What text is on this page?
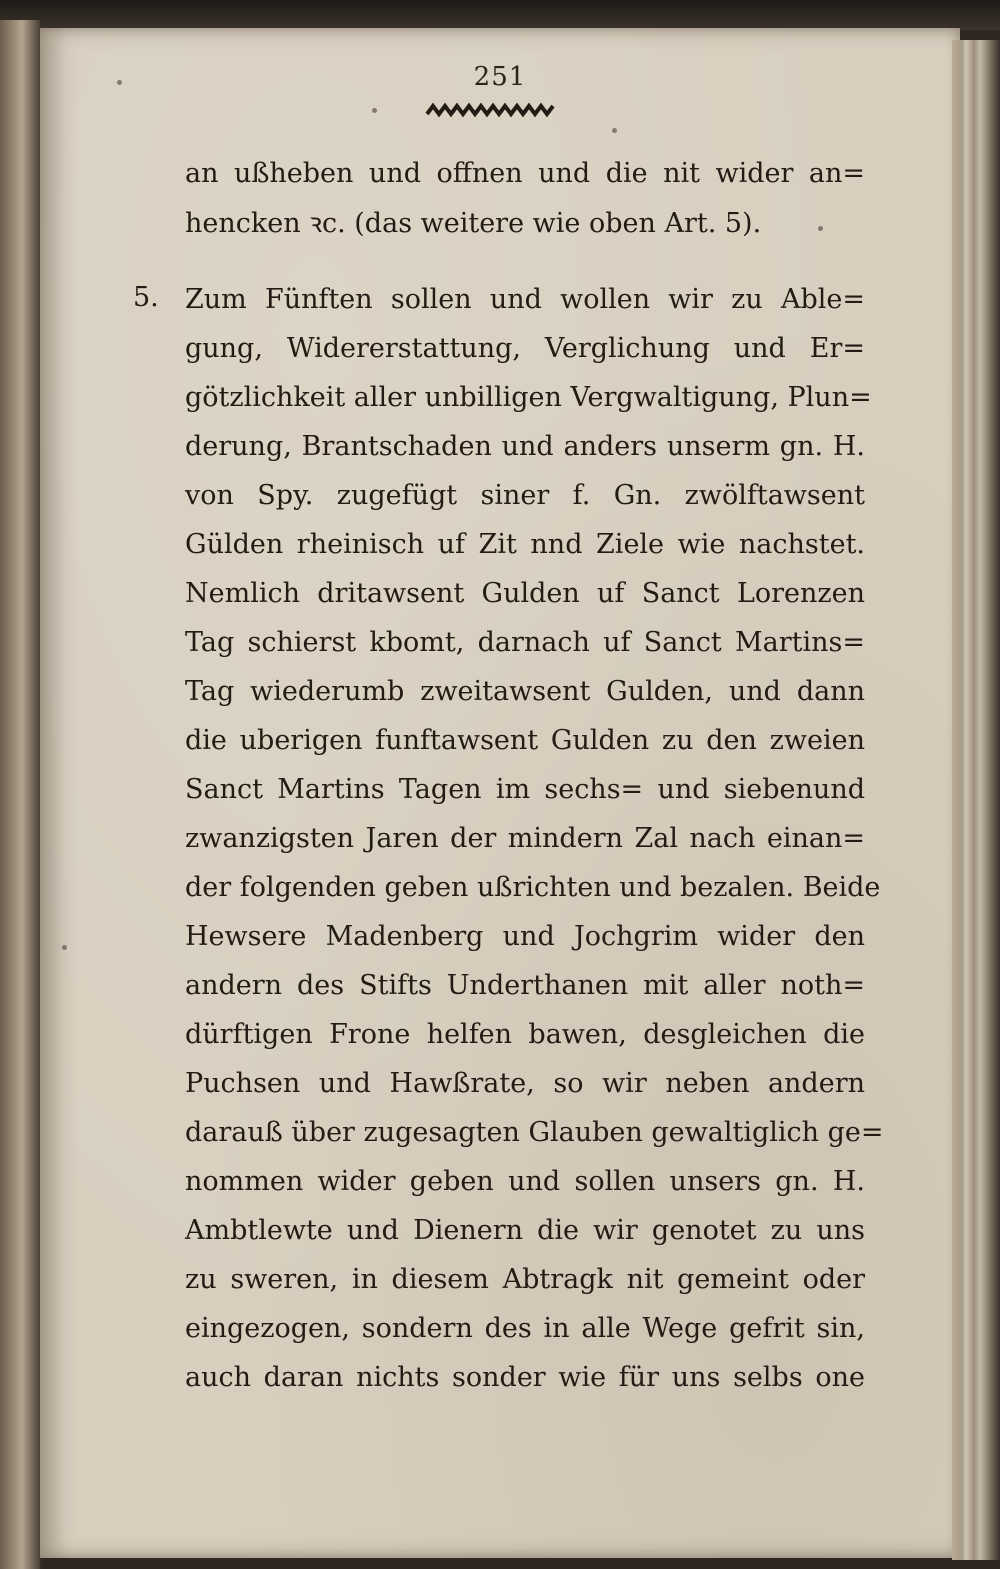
251
5.
an ußheben und offnen und die nit wider an=
hencken ꝛc. (das weitere wie oben Art. 5).
Zum Fünften sollen und wollen wir zu Able=
gung, Widererstattung, Verglichung und Er=
götzlichkeit aller unbilligen Vergwaltigung, Plun=
derung, Brantschaden und anders unserm gn. H.
von Spy. zugefügt siner f. Gn. zwölftawsent
Gülden rheinisch uf Zit nnd Ziele wie nachstet.
Nemlich dritawsent Gulden uf Sanct Lorenzen
Tag schierst kbomt, darnach uf Sanct Martins=
Tag wiederumb zweitawsent Gulden, und dann
die uberigen funftawsent Gulden zu den zweien
Sanct Martins Tagen im sechs= und siebenund
zwanzigsten Jaren der mindern Zal nach einan=
der folgenden geben ußrichten und bezalen. Beide
Hewsere Madenberg und Jochgrim wider den
andern des Stifts Underthanen mit aller noth=
dürftigen Frone helfen bawen, desgleichen die
Puchsen und Hawßrate, so wir neben andern
darauß über zugesagten Glauben gewaltiglich ge=
nommen wider geben und sollen unsers gn. H.
Ambtlewte und Dienern die wir genotet zu uns
zu sweren, in diesem Abtragk nit gemeint oder
eingezogen, sondern des in alle Wege gefrit sin,
auch daran nichts sonder wie für uns selbs one
